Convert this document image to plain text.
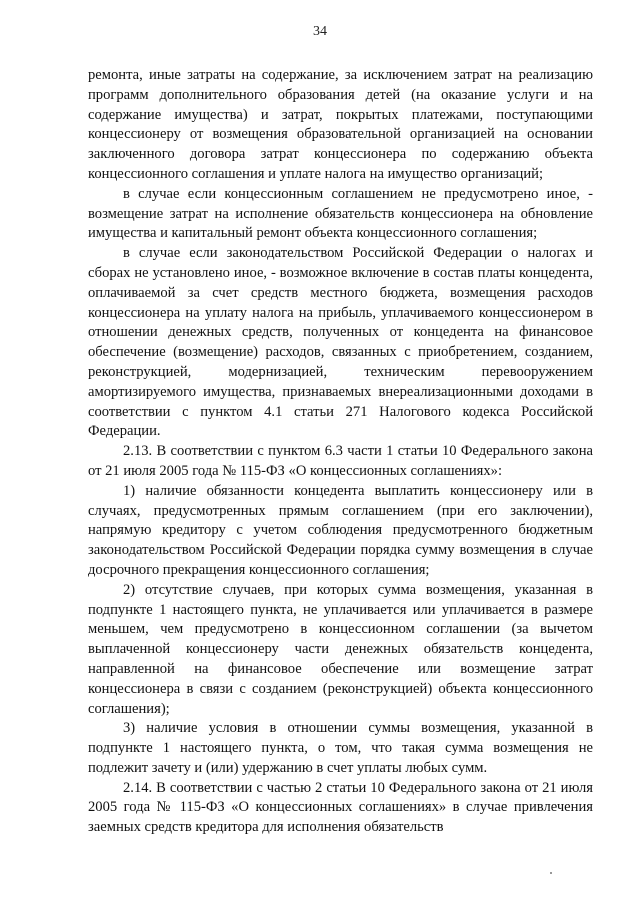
34

ремонта, иные затраты на содержание, за исключением затрат на реализацию программ дополнительного образования детей (на оказание услуги и на содержание имущества) и затрат, покрытых платежами, поступающими концессионеру от возмещения образовательной организацией на основании заключенного договора затрат концессионера по содержанию объекта концессионного соглашения и уплате налога на имущество организаций;

в случае если концессионным соглашением не предусмотрено иное, - возмещение затрат на исполнение обязательств концессионера на обновление имущества и капитальный ремонт объекта концессионного соглашения;

в случае если законодательством Российской Федерации о налогах и сборах не установлено иное, - возможное включение в состав платы концедента, оплачиваемой за счет средств местного бюджета, возмещения расходов концессионера на уплату налога на прибыль, уплачиваемого концессионером в отношении денежных средств, полученных от концедента на финансовое обеспечение (возмещение) расходов, связанных с приобретением, созданием, реконструкцией, модернизацией, техническим перевооружением амортизируемого имущества, признаваемых внереализационными доходами в соответствии с пунктом 4.1 статьи 271 Налогового кодекса Российской Федерации.

2.13. В соответствии с пунктом 6.3 части 1 статьи 10 Федерального закона от 21 июля 2005 года № 115-ФЗ «О концессионных соглашениях»:

1) наличие обязанности концедента выплатить концессионеру или в случаях, предусмотренных прямым соглашением (при его заключении), напрямую кредитору с учетом соблюдения предусмотренного бюджетным законодательством Российской Федерации порядка сумму возмещения в случае досрочного прекращения концессионного соглашения;

2) отсутствие случаев, при которых сумма возмещения, указанная в подпункте 1 настоящего пункта, не уплачивается или уплачивается в размере меньшем, чем предусмотрено в концессионном соглашении (за вычетом выплаченной концессионеру части денежных обязательств концедента, направленной на финансовое обеспечение или возмещение затрат концессионера в связи с созданием (реконструкцией) объекта концессионного соглашения);

3) наличие условия в отношении суммы возмещения, указанной в подпункте 1 настоящего пункта, о том, что такая сумма возмещения не подлежит зачету и (или) удержанию в счет уплаты любых сумм.

2.14. В соответствии с частью 2 статьи 10 Федерального закона от 21 июля 2005 года № 115-ФЗ «О концессионных соглашениях» в случае привлечения заемных средств кредитора для исполнения обязательств
